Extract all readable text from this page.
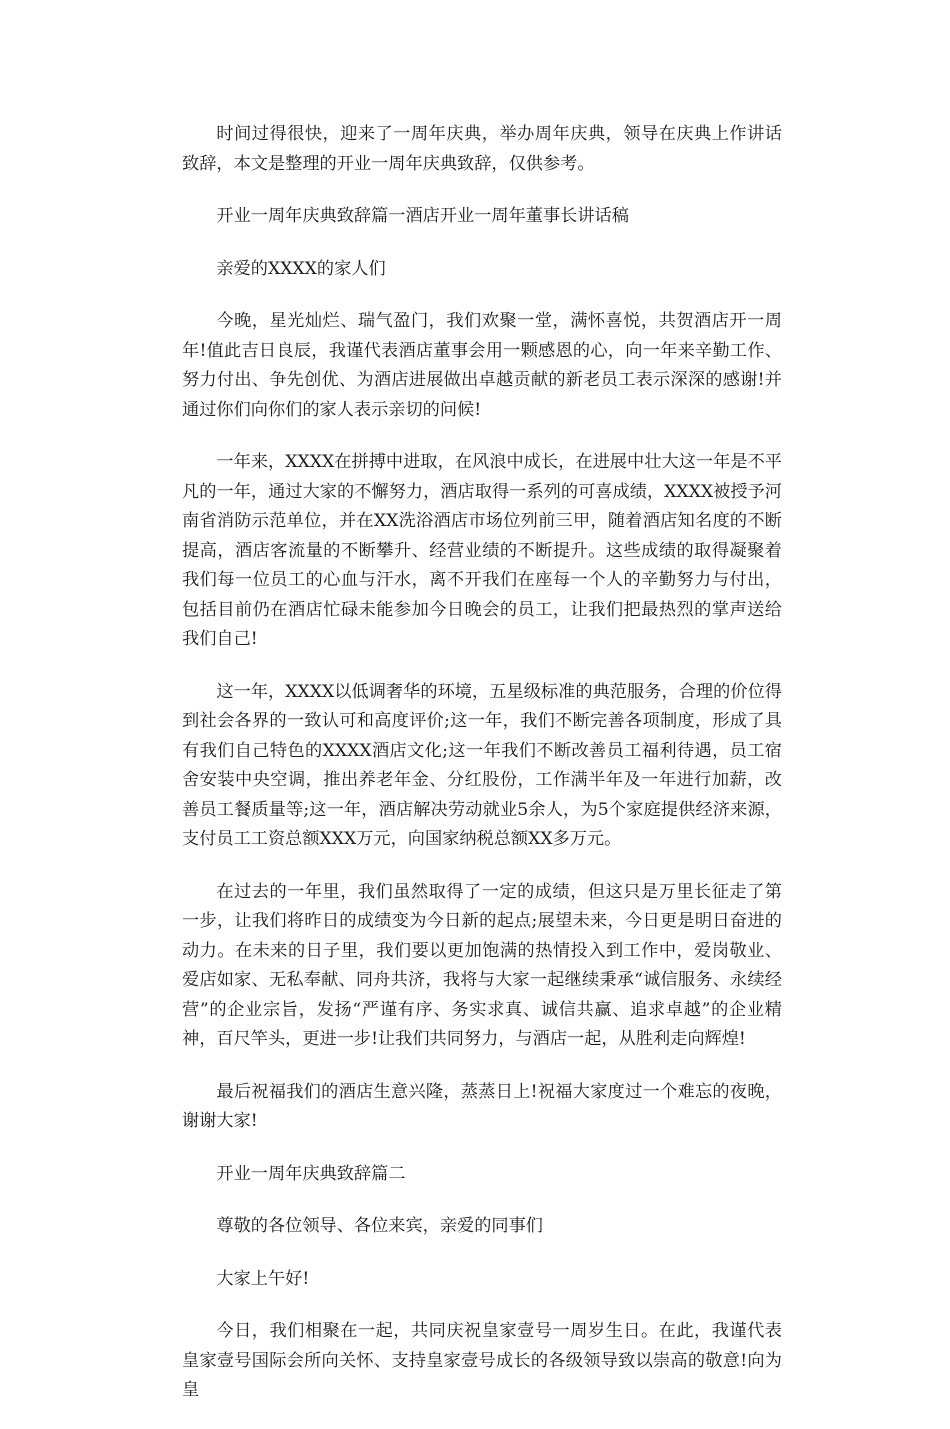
时间过得很快，迎来了一周年庆典，举办周年庆典，领导在庆典上作讲话致辞，本文是整理的开业一周年庆典致辞，仅供参考。

开业一周年庆典致辞篇一酒店开业一周年董事长讲话稿

亲爱的XXXX的家人们

今晚，星光灿烂、瑞气盈门，我们欢聚一堂，满怀喜悦，共贺酒店开一周年!值此吉日良辰，我谨代表酒店董事会用一颗感恩的心，向一年来辛勤工作、努力付出、争先创优、为酒店进展做出卓越贡献的新老员工表示深深的感谢!并通过你们向你们的家人表示亲切的问候!

一年来，XXXX在拼搏中进取，在风浪中成长，在进展中壮大这一年是不平凡的一年，通过大家的不懈努力，酒店取得一系列的可喜成绩，XXXX被授予河南省消防示范单位，并在XX洗浴酒店市场位列前三甲，随着酒店知名度的不断提高，酒店客流量的不断攀升、经营业绩的不断提升。这些成绩的取得凝聚着我们每一位员工的心血与汗水，离不开我们在座每一个人的辛勤努力与付出，包括目前仍在酒店忙碌未能参加今日晚会的员工，让我们把最热烈的掌声送给我们自己!

这一年，XXXX以低调奢华的环境，五星级标准的典范服务，合理的价位得到社会各界的一致认可和高度评价;这一年，我们不断完善各项制度，形成了具有我们自己特色的XXXX酒店文化;这一年我们不断改善员工福利待遇，员工宿舍安装中央空调，推出养老年金、分红股份，工作满半年及一年进行加薪，改善员工餐质量等;这一年，酒店解决劳动就业5余人，为5个家庭提供经济来源，支付员工工资总额XXX万元，向国家纳税总额XX多万元。

在过去的一年里，我们虽然取得了一定的成绩，但这只是万里长征走了第一步，让我们将昨日的成绩变为今日新的起点;展望未来，今日更是明日奋进的动力。在未来的日子里，我们要以更加饱满的热情投入到工作中，爱岗敬业、爱店如家、无私奉献、同舟共济，我将与大家一起继续秉承“诚信服务、永续经营”的企业宗旨，发扬“严谨有序、务实求真、诚信共赢、追求卓越”的企业精神，百尺竿头，更进一步!让我们共同努力，与酒店一起，从胜利走向辉煌!

最后祝福我们的酒店生意兴隆，蒸蒸日上!祝福大家度过一个难忘的夜晚，谢谢大家!

开业一周年庆典致辞篇二

尊敬的各位领导、各位来宾，亲爱的同事们

大家上午好!

今日，我们相聚在一起，共同庆祝皇家壹号一周岁生日。在此，我谨代表皇家壹号国际会所向关怀、支持皇家壹号成长的各级领导致以崇高的敬意!向为皇
